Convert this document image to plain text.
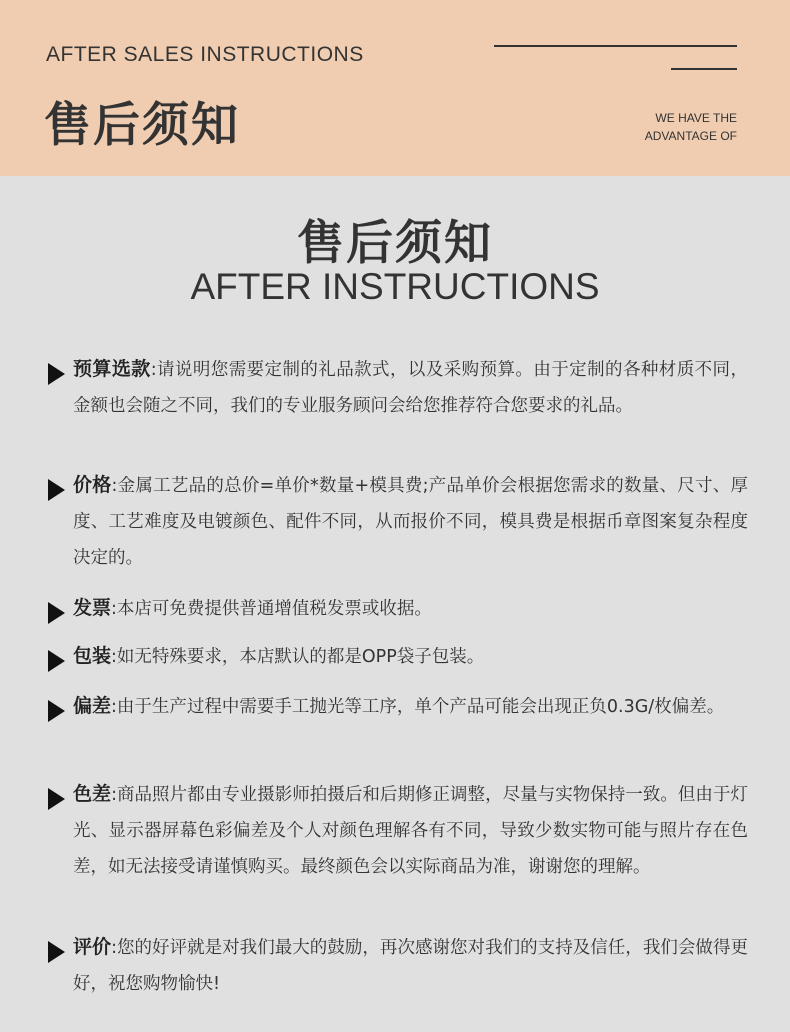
AFTER SALES INSTRUCTIONS
售后须知	WE HAVE THE
ADVANTAGE OF
售后须知
AFTER INSTRUCTIONS
预算选款:请说明您需要定制的礼品款式，以及采购预算。由于定制的各种材质不同，金额也会随之不同，我们的专业服务顾问会给您推荐符合您要求的礼品。
价格:金属工艺品的总价=单价*数量+模具费;产品单价会根据您需求的数量、尺寸、厚度、工艺难度及电镀颜色、配件不同，从而报价不同，模具费是根据币章图案复杂程度决定的。
发票:本店可免费提供普通增值税发票或收据。
包装:如无特殊要求，本店默认的都是OPP袋子包装。
偏差:由于生产过程中需要手工抛光等工序，单个产品可能会出现正负0.3G/枚偏差。
色差:商品照片都由专业摄影师拍摄后和后期修正调整，尽量与实物保持一致。但由于灯光、显示器屏幕色彩偏差及个人对颜色理解各有不同，导致少数实物可能与照片存在色差，如无法接受请谨慎购买。最终颜色会以实际商品为准，谢谢您的理解。
评价:您的好评就是对我们最大的鼓励，再次感谢您对我们的支持及信任，我们会做得更好，祝您购物愉快!
